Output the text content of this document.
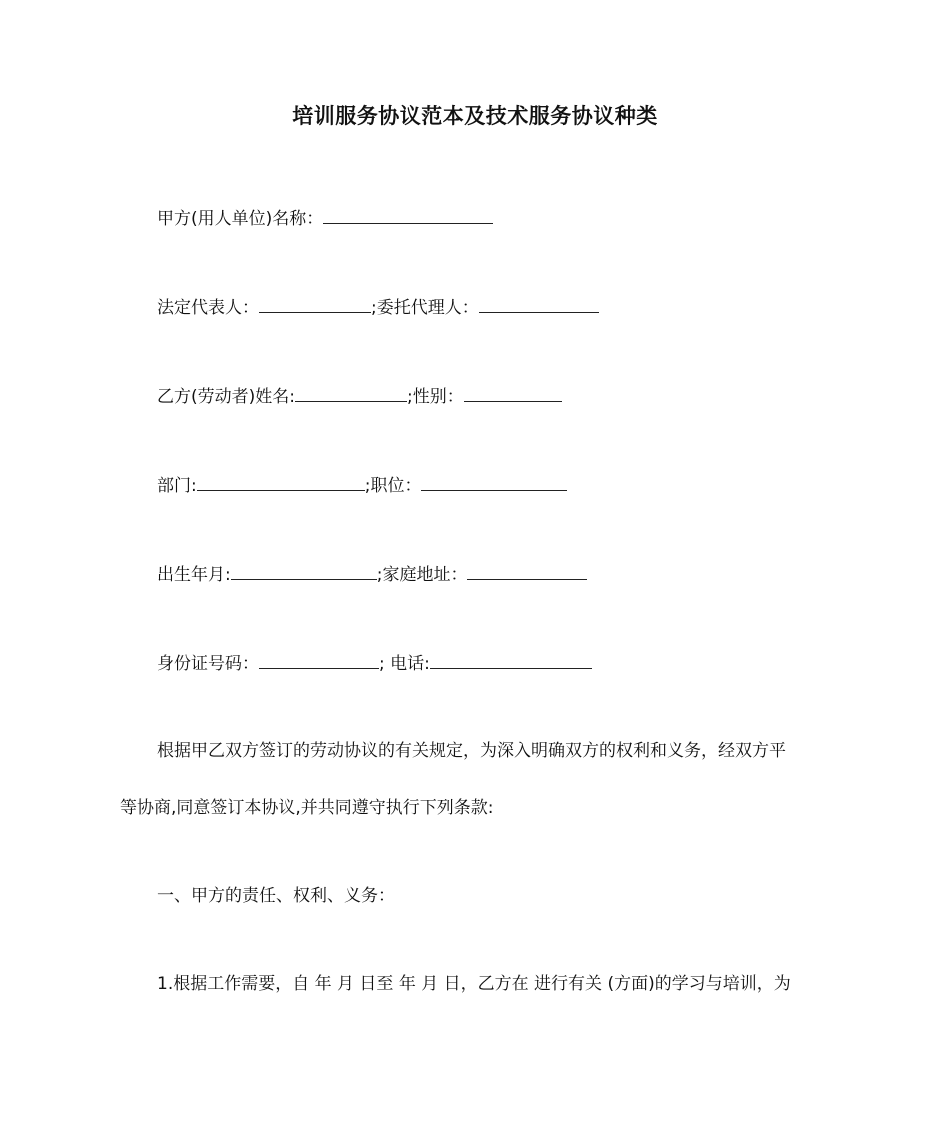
培训服务协议范本及技术服务协议种类
甲方(用人单位)名称：
法定代表人：	;委托代理人：
乙方(劳动者)姓名:	;性别：
部门:	;职位：
出生年月:	;家庭地址：
身份证号码：	; 电话:
根据甲乙双方签订的劳动协议的有关规定，为深入明确双方的权利和义务，经双方平
等协商,同意签订本协议,并共同遵守执行下列条款:
一、甲方的责任、权利、义务：
1.根据工作需要，自 年 月 日至 年 月 日，乙方在 进行有关 (方面)的学习与培训，为
